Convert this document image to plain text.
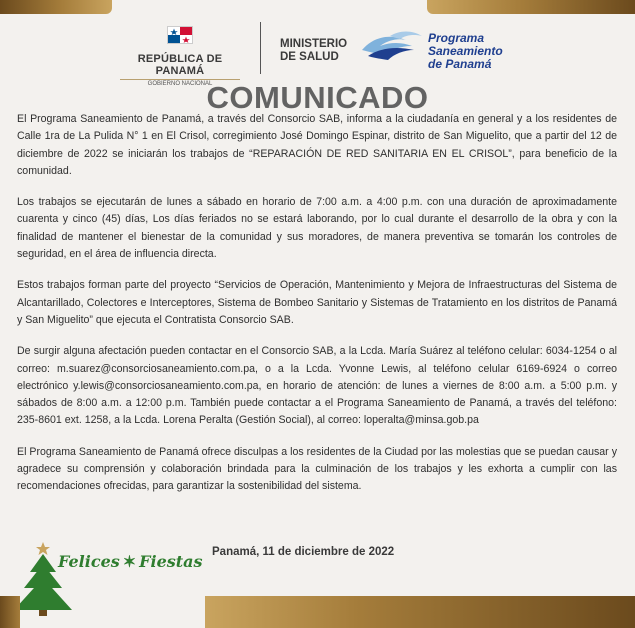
REPÚBLICA DE PANAMÁ
GOBIERNO NACIONAL
MINISTERIO
DE SALUD
Programa
Saneamiento
de Panamá
COMUNICADO

El Programa Saneamiento de Panamá, a través del Consorcio SAB, informa a la ciudadanía en general y a los residentes de Calle 1ra de La Pulida N° 1 en El Crisol, corregimiento José Domingo Espinar, distrito de San Miguelito, que a partir del 12 de diciembre de 2022 se iniciarán los trabajos de “REPARACIÓN DE RED SANITARIA EN EL CRISOL”, para beneficio de la comunidad.

Los trabajos se ejecutarán de lunes a sábado en horario de 7:00 a.m. a 4:00 p.m. con una duración de aproximadamente cuarenta y cinco (45) días, Los días feriados no se estará laborando, por lo cual durante el desarrollo de la obra y con la finalidad de mantener el bienestar de la comunidad y sus moradores, de manera preventiva se tomarán los controles de seguridad, en el área de influencia directa.

Estos trabajos forman parte del proyecto “Servicios de Operación, Mantenimiento y Mejora de Infraestructuras del Sistema de Alcantarillado, Colectores e Interceptores, Sistema de Bombeo Sanitario y Sistemas de Tratamiento en los distritos de Panamá y San Miguelito” que ejecuta el Contratista Consorcio SAB.

De surgir alguna afectación pueden contactar en el Consorcio SAB, a la Lcda. María Suárez al teléfono celular: 6034-1254 o al correo: m.suarez@consorciosaneamiento.com.pa, o a la Lcda. Yvonne Lewis, al teléfono celular 6169-6924 o correo electrónico y.lewis@consorciosaneamiento.com.pa, en horario de atención: de lunes a viernes de 8:00 a.m. a 5:00 p.m. y sábados de 8:00 a.m. a 12:00 p.m. También puede contactar a el Programa Saneamiento de Panamá, a través del teléfono: 235-8601 ext. 1258, a la Lcda. Lorena Peralta (Gestión Social), al correo: loperalta@minsa.gob.pa

El Programa Saneamiento de Panamá ofrece disculpas a los residentes de la Ciudad por las molestias que se puedan causar y agradece su comprensión y colaboración brindada para la culminación de los trabajos y les exhorta a cumplir con las recomendaciones ofrecidas, para garantizar la sostenibilidad del sistema.

Panamá, 11 de diciembre de 2022
Felices ✶ Fiestas
